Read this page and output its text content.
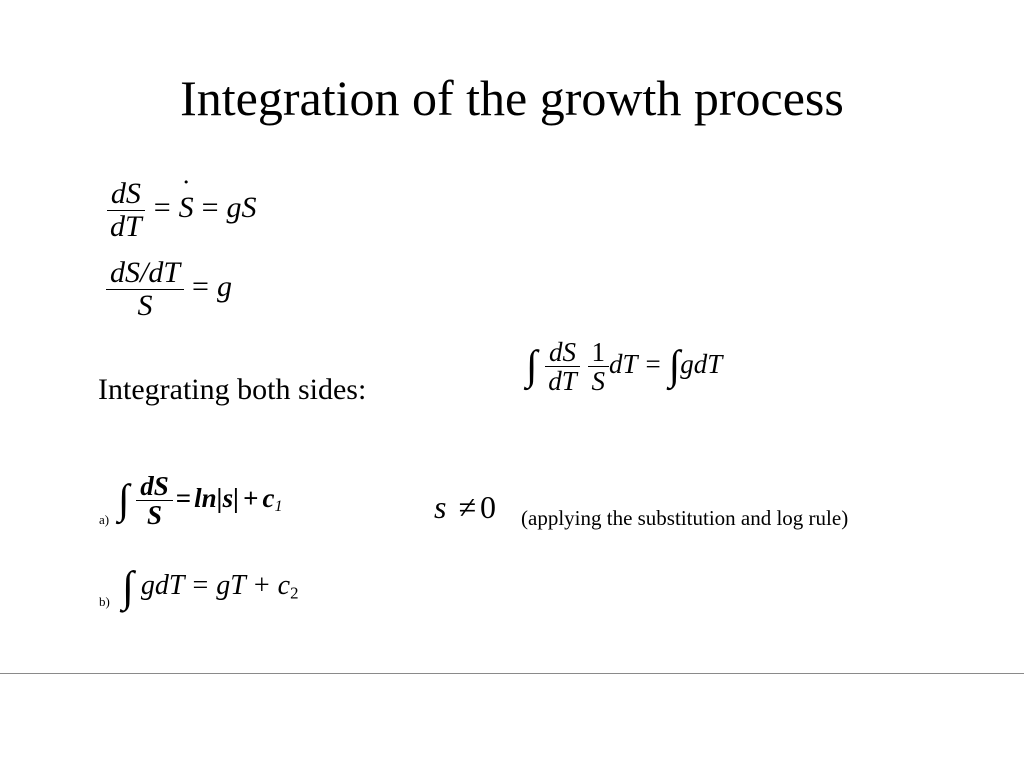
Integration of the growth process
$\frac{dS}{dT}$ =˙ S = gS
$\frac{dS/dT}{S} = g$
Integrating both sides:
∫ $\frac{dS}{dT}$
$\frac{1}{S}$ dT = ∫gdT
a) ∫ $\frac{dS}{S} = \ln|s| + c_1$	s ≠ 0 (applying the substitution and log rule)
b) ∫ gdT = gT + $c_2$
